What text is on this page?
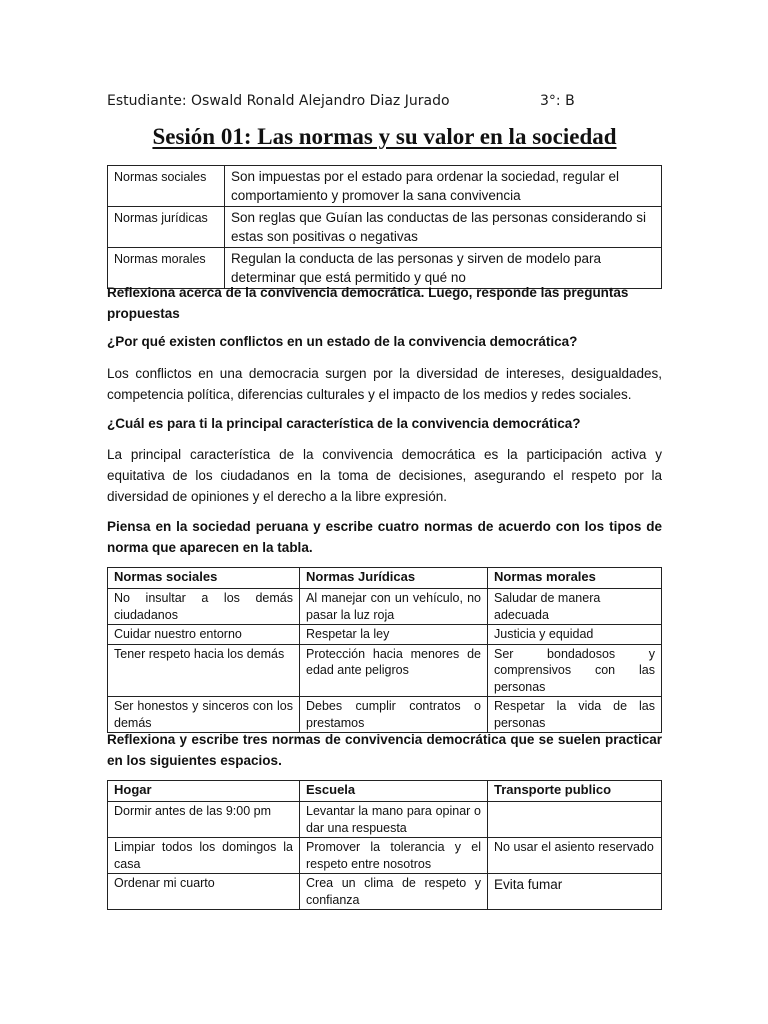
Estudiante: Oswald Ronald Alejandro Diaz Jurado	3°: B
Sesión 01: Las normas y su valor en la sociedad
Normas sociales	Son impuestas por el estado para ordenar la sociedad, regular el comportamiento y promover la sana convivencia
Normas jurídicas	Son reglas que Guían las conductas de las personas considerando si estas son positivas o negativas
Normas morales	Regulan la conducta de las personas y sirven de modelo para determinar que está permitido y qué no
Reflexiona acerca de la convivencia democrática. Luego, responde las preguntas propuestas
¿Por qué existen conflictos en un estado de la convivencia democrática?
Los conflictos en una democracia surgen por la diversidad de intereses, desigualdades, competencia política, diferencias culturales y el impacto de los medios y redes sociales.
¿Cuál es para ti la principal característica de la convivencia democrática?
La principal característica de la convivencia democrática es la participación activa y equitativa de los ciudadanos en la toma de decisiones, asegurando el respeto por la diversidad de opiniones y el derecho a la libre expresión.
Piensa en la sociedad peruana y escribe cuatro normas de acuerdo con los tipos de norma que aparecen en la tabla.
Normas sociales	Normas Jurídicas	Normas morales
No insultar a los demás ciudadanos	Al manejar con un vehículo, no pasar la luz roja	Saludar de manera adecuada
Cuidar nuestro entorno	Respetar la ley	Justicia y equidad
Tener respeto hacia los demás	Protección hacia menores de edad ante peligros	Ser bondadosos y comprensivos con las personas
Ser honestos y sinceros con los demás	Debes cumplir contratos o prestamos	Respetar la vida de las personas
Reflexiona y escribe tres normas de convivencia democrática que se suelen practicar en los siguientes espacios.
Hogar	Escuela	Transporte publico
Dormir antes de las 9:00 pm	Levantar la mano para opinar o dar una respuesta	
Limpiar todos los domingos la casa	Promover la tolerancia y el respeto entre nosotros	No usar el asiento reservado
Ordenar mi cuarto	Crea un clima de respeto y confianza	Evita fumar
